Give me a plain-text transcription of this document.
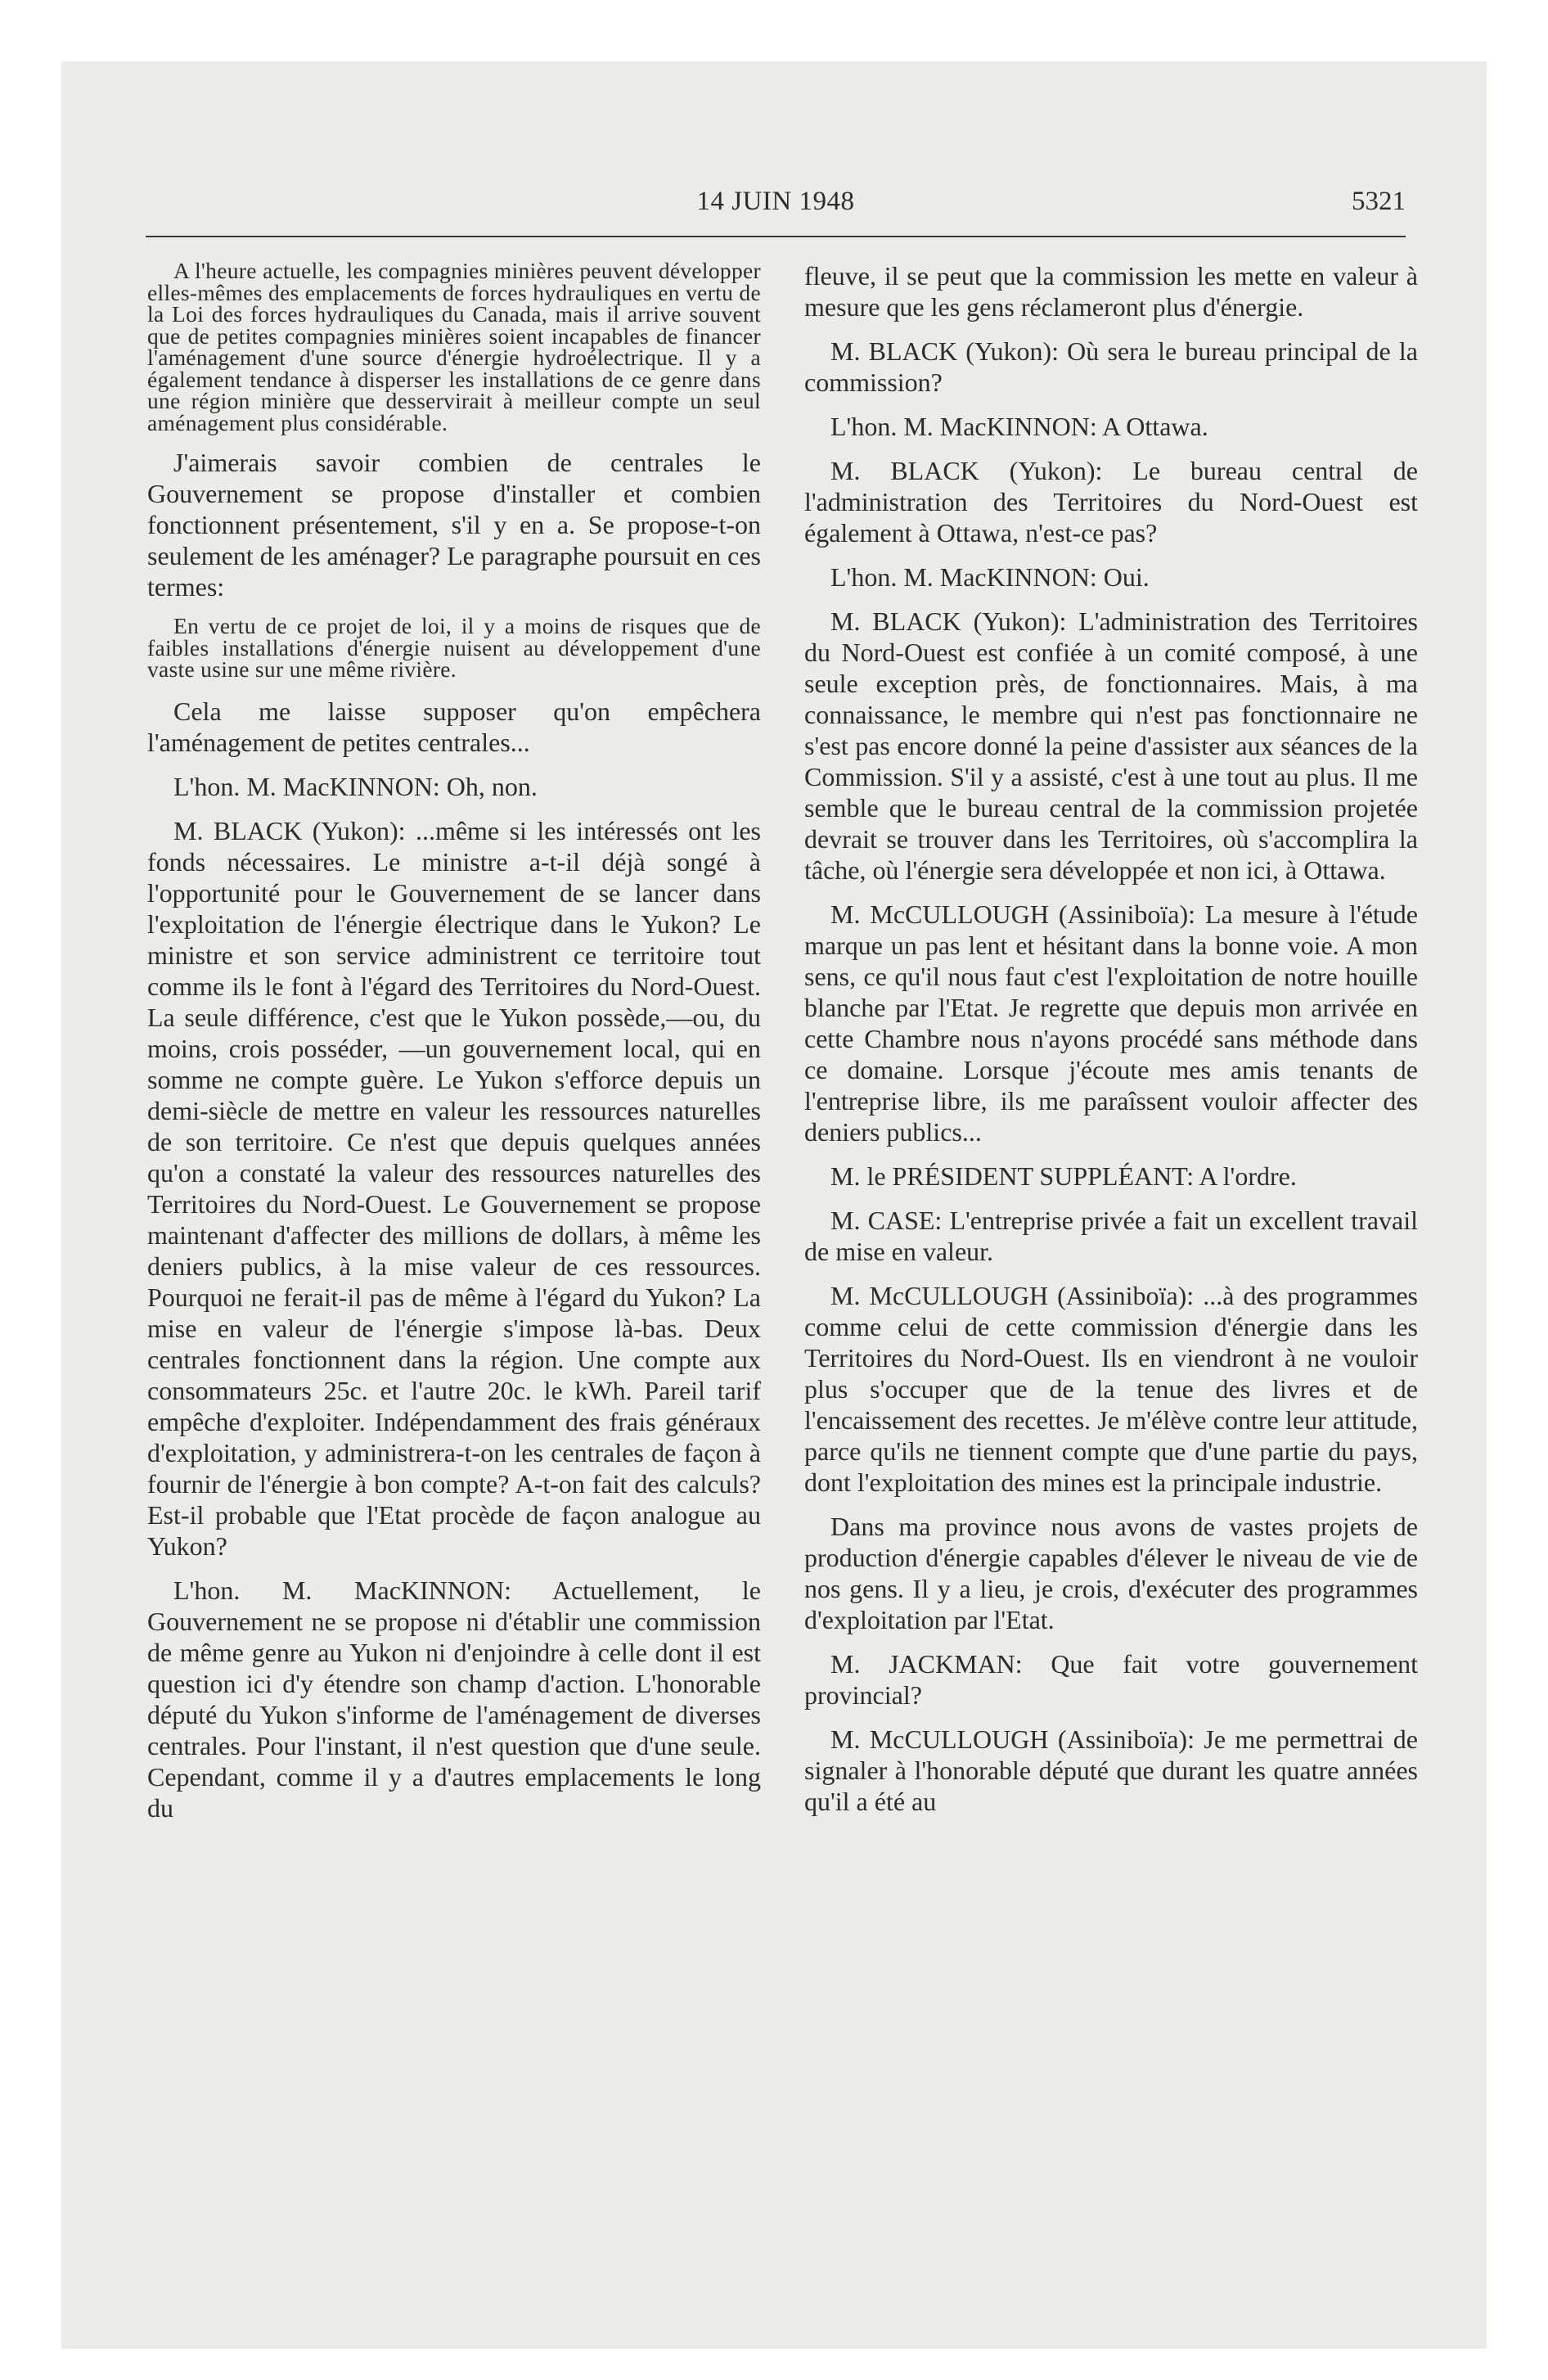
14 JUIN 1948	5321

A l'heure actuelle, les compagnies minières peuvent développer elles-mêmes des emplacements de forces hydrauliques en vertu de la Loi des forces hydrauliques du Canada, mais il arrive souvent que de petites compagnies minières soient incapables de financer l'aménagement d'une source d'énergie hydroélectrique. Il y a également tendance à disperser les installations de ce genre dans une région minière que desservirait à meilleur compte un seul aménagement plus considérable.

J'aimerais savoir combien de centrales le Gouvernement se propose d'installer et combien fonctionnent présentement, s'il y en a. Se propose-t-on seulement de les aménager? Le paragraphe poursuit en ces termes:

En vertu de ce projet de loi, il y a moins de risques que de faibles installations d'énergie nuisent au développement d'une vaste usine sur une même rivière.

Cela me laisse supposer qu'on empêchera l'aménagement de petites centrales...

L'hon. M. MacKINNON: Oh, non.

M. BLACK (Yukon): ...même si les intéressés ont les fonds nécessaires. Le ministre a-t-il déjà songé à l'opportunité pour le Gouvernement de se lancer dans l'exploitation de l'énergie électrique dans le Yukon? Le ministre et son service administrent ce territoire tout comme ils le font à l'égard des Territoires du Nord-Ouest. La seule différence, c'est que le Yukon possède,—ou, du moins, crois posséder, —un gouvernement local, qui en somme ne compte guère. Le Yukon s'efforce depuis un demi-siècle de mettre en valeur les ressources naturelles de son territoire. Ce n'est que depuis quelques années qu'on a constaté la valeur des ressources naturelles des Territoires du Nord-Ouest. Le Gouvernement se propose maintenant d'affecter des millions de dollars, à même les deniers publics, à la mise valeur de ces ressources. Pourquoi ne ferait-il pas de même à l'égard du Yukon? La mise en valeur de l'énergie s'impose là-bas. Deux centrales fonctionnent dans la région. Une compte aux consommateurs 25c. et l'autre 20c. le kWh. Pareil tarif empêche d'exploiter. Indépendamment des frais généraux d'exploitation, y administrera-t-on les centrales de façon à fournir de l'énergie à bon compte? A-t-on fait des calculs? Est-il probable que l'Etat procède de façon analogue au Yukon?

L'hon. M. MacKINNON: Actuellement, le Gouvernement ne se propose ni d'établir une commission de même genre au Yukon ni d'enjoindre à celle dont il est question ici d'y étendre son champ d'action. L'honorable député du Yukon s'informe de l'aménagement de diverses centrales. Pour l'instant, il n'est question que d'une seule. Cependant, comme il y a d'autres emplacements le long du

fleuve, il se peut que la commission les mette en valeur à mesure que les gens réclameront plus d'énergie.

M. BLACK (Yukon): Où sera le bureau principal de la commission?

L'hon. M. MacKINNON: A Ottawa.

M. BLACK (Yukon): Le bureau central de l'administration des Territoires du Nord-Ouest est également à Ottawa, n'est-ce pas?

L'hon. M. MacKINNON: Oui.

M. BLACK (Yukon): L'administration des Territoires du Nord-Ouest est confiée à un comité composé, à une seule exception près, de fonctionnaires. Mais, à ma connaissance, le membre qui n'est pas fonctionnaire ne s'est pas encore donné la peine d'assister aux séances de la Commission. S'il y a assisté, c'est à une tout au plus. Il me semble que le bureau central de la commission projetée devrait se trouver dans les Territoires, où s'accomplira la tâche, où l'énergie sera développée et non ici, à Ottawa.

M. McCULLOUGH (Assiniboïa): La mesure à l'étude marque un pas lent et hésitant dans la bonne voie. A mon sens, ce qu'il nous faut c'est l'exploitation de notre houille blanche par l'Etat. Je regrette que depuis mon arrivée en cette Chambre nous n'ayons procédé sans méthode dans ce domaine. Lorsque j'écoute mes amis tenants de l'entreprise libre, ils me paraîssent vouloir affecter des deniers publics...

M. le PRÉSIDENT SUPPLÉANT: A l'ordre.

M. CASE: L'entreprise privée a fait un excellent travail de mise en valeur.

M. McCULLOUGH (Assiniboïa): ...à des programmes comme celui de cette commission d'énergie dans les Territoires du Nord-Ouest. Ils en viendront à ne vouloir plus s'occuper que de la tenue des livres et de l'encaissement des recettes. Je m'élève contre leur attitude, parce qu'ils ne tiennent compte que d'une partie du pays, dont l'exploitation des mines est la principale industrie.

Dans ma province nous avons de vastes projets de production d'énergie capables d'élever le niveau de vie de nos gens. Il y a lieu, je crois, d'exécuter des programmes d'exploitation par l'Etat.

M. JACKMAN: Que fait votre gouvernement provincial?

M. McCULLOUGH (Assiniboïa): Je me permettrai de signaler à l'honorable député que durant les quatre années qu'il a été au
